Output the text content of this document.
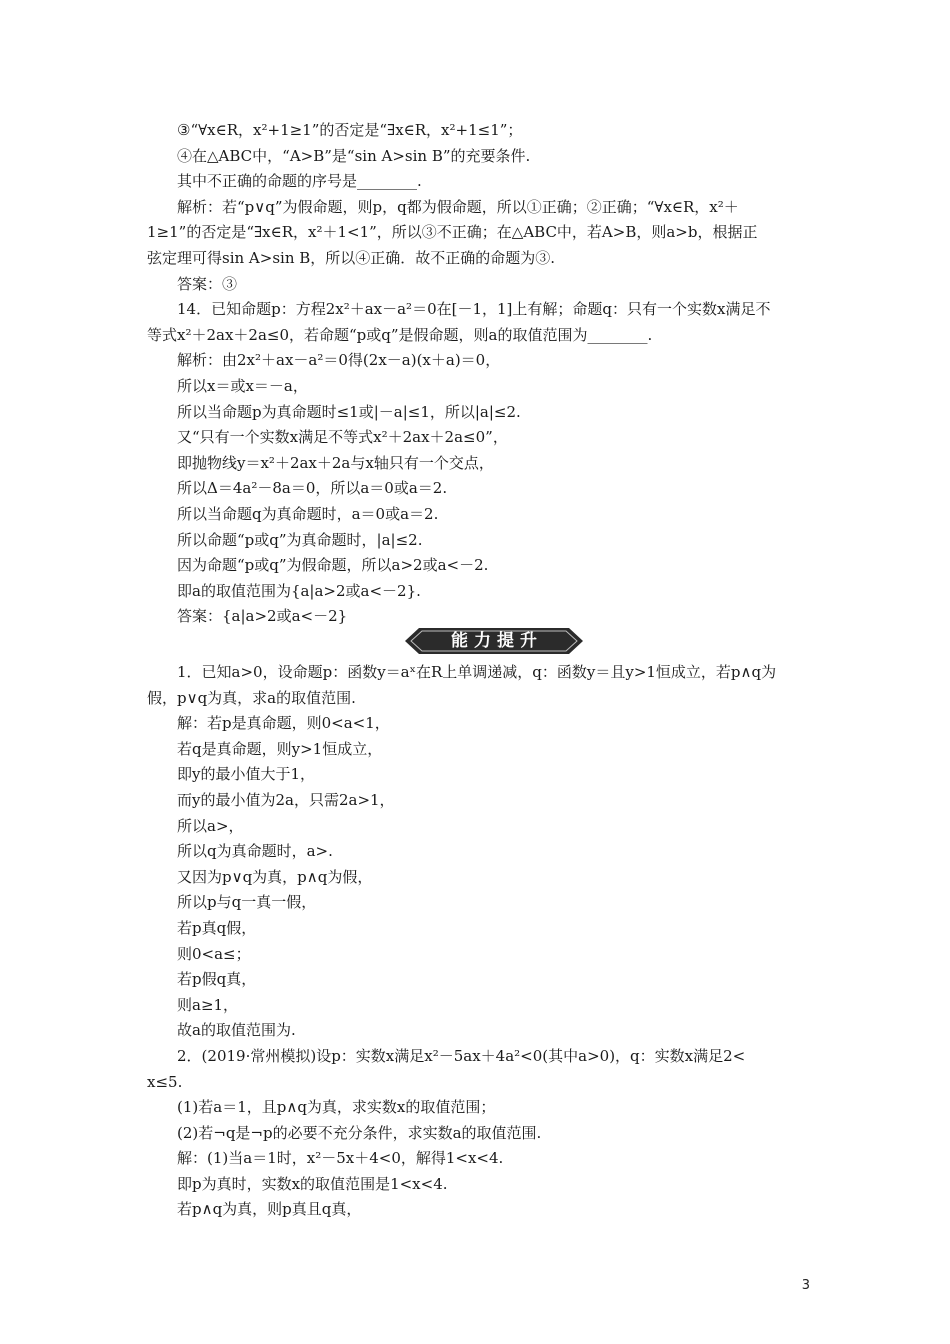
③“∀x∈R，x²+1≥1”的否定是“∃x∈R，x²+1≤1”；
④在△ABC中，“A>B”是“sin A>sin B”的充要条件.
其中不正确的命题的序号是________.
解析：若“p∨q”为假命题，则p，q都为假命题，所以①正确；②正确；“∀x∈R，x²＋
1≥1”的否定是“∃x∈R，x²＋1<1”，所以③不正确；在△ABC中，若A>B，则a>b，根据正
弦定理可得sin A>sin B，所以④正确．故不正确的命题为③.
答案：③
14．已知命题p：方程2x²＋ax－a²＝0在[－1，1]上有解；命题q：只有一个实数x满足不
等式x²＋2ax＋2a≤0，若命题“p或q”是假命题，则a的取值范围为________.
解析：由2x²＋ax－a²＝0得(2x－a)(x＋a)＝0，
所以x＝或x＝－a，
所以当命题p为真命题时≤1或|－a|≤1，所以|a|≤2.
又“只有一个实数x满足不等式x²＋2ax＋2a≤0”，
即抛物线y＝x²＋2ax＋2a与x轴只有一个交点，
所以Δ＝4a²－8a＝0，所以a＝0或a＝2.
所以当命题q为真命题时，a＝0或a＝2.
所以命题“p或q”为真命题时，|a|≤2.
因为命题“p或q”为假命题，所以a>2或a<－2.
即a的取值范围为{a|a>2或a<－2}.
答案：{a|a>2或a<－2}
能力提升
1．已知a>0，设命题p：函数y＝aˣ在R上单调递减，q：函数y＝且y>1恒成立，若p∧q为
假，p∨q为真，求a的取值范围.
解：若p是真命题，则0<a<1，
若q是真命题，则y>1恒成立，
即y的最小值大于1，
而y的最小值为2a，只需2a>1，
所以a>，
所以q为真命题时，a>.
又因为p∨q为真，p∧q为假，
所以p与q一真一假，
若p真q假，
则0<a≤；
若p假q真，
则a≥1，
故a的取值范围为.
2．(2019·常州模拟)设p：实数x满足x²－5ax＋4a²<0(其中a>0)，q：实数x满足2<
x≤5.
(1)若a＝1，且p∧q为真，求实数x的取值范围；
(2)若¬q是¬p的必要不充分条件，求实数a的取值范围.
解：(1)当a＝1时，x²－5x＋4<0，解得1<x<4.
即p为真时，实数x的取值范围是1<x<4.
若p∧q为真，则p真且q真，
3
